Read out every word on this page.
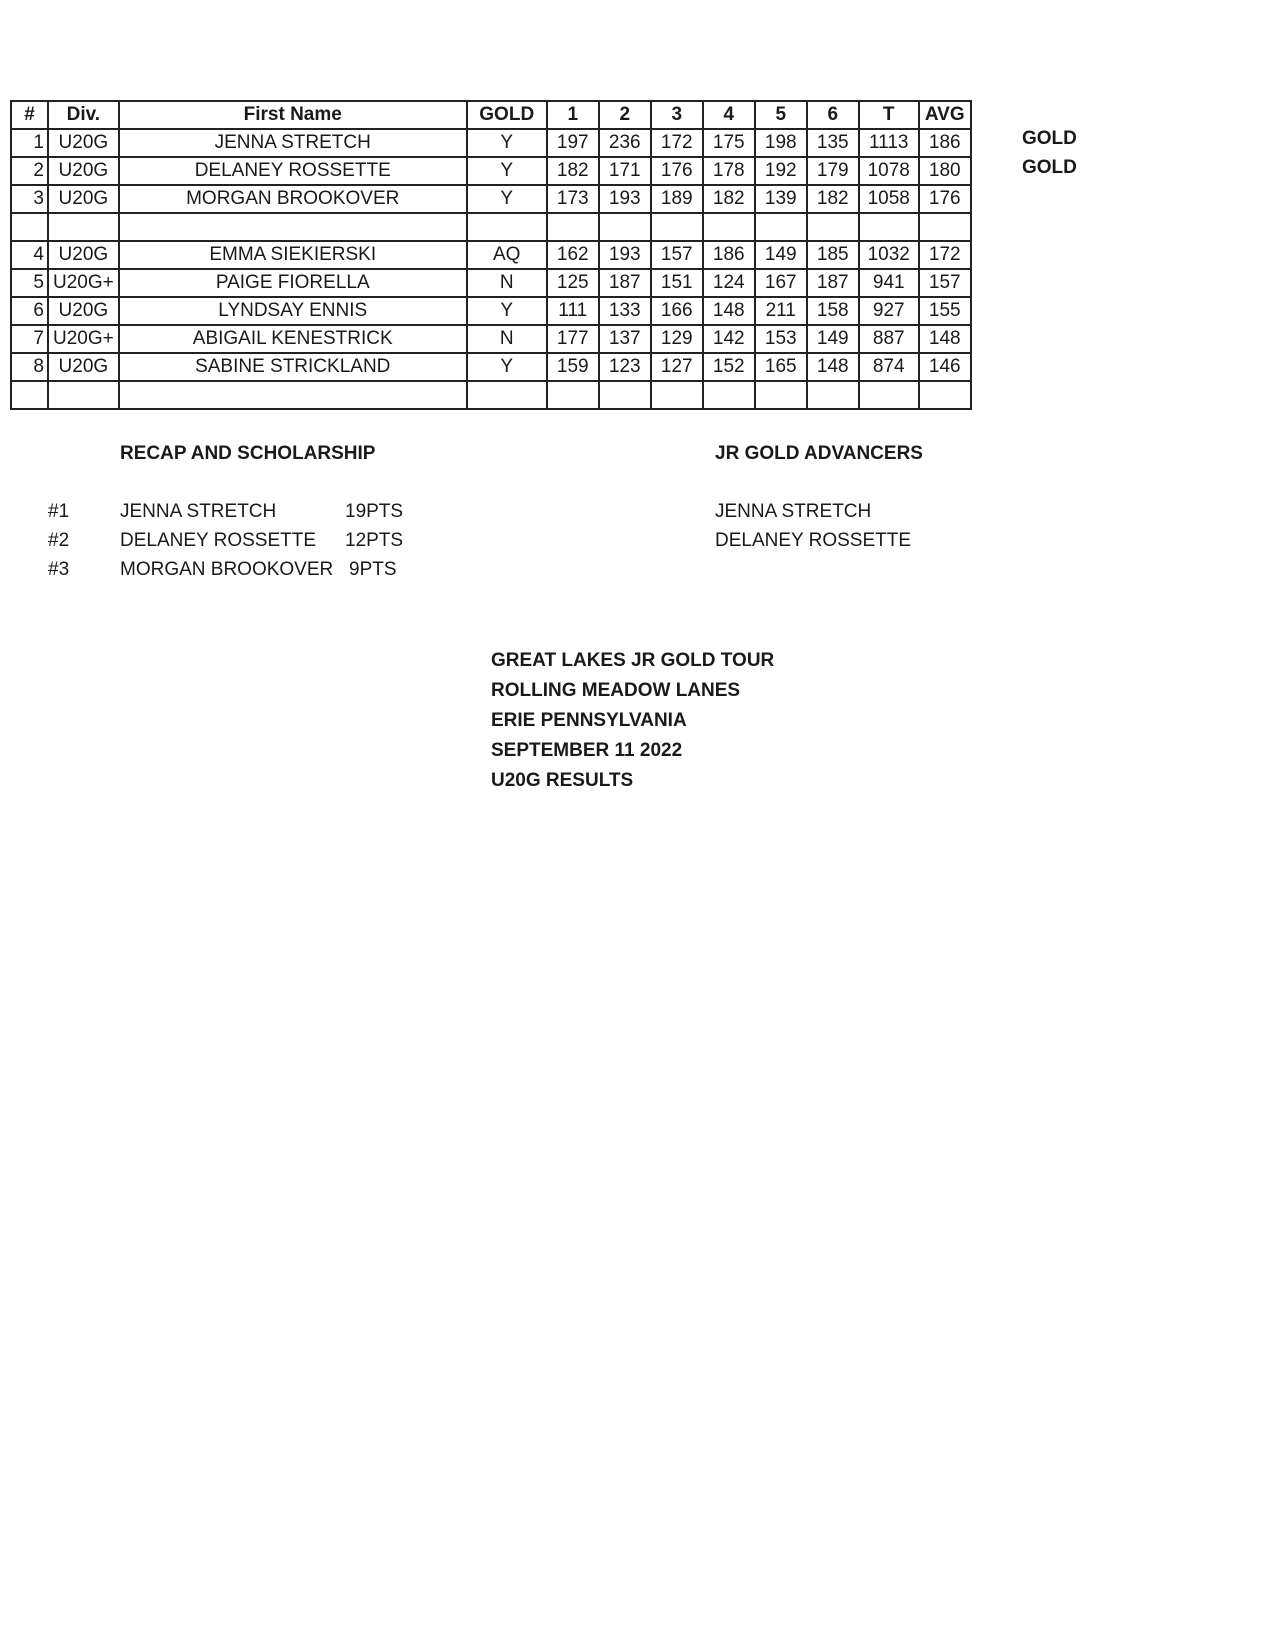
#	Div.	First Name	GOLD	1	2	3	4	5	6	T	AVG
1	U20G	JENNA STRETCH	Y	197	236	172	175	198	135	1113	186
2	U20G	DELANEY ROSSETTE	Y	182	171	176	178	192	179	1078	180
3	U20G	MORGAN BROOKOVER	Y	173	193	189	182	139	182	1058	176

4	U20G	EMMA SIEKIERSKI	AQ	162	193	157	186	149	185	1032	172
5	U20G+	PAIGE FIORELLA	N	125	187	151	124	167	187	941	157
6	U20G	LYNDSAY ENNIS	Y	111	133	166	148	211	158	927	155
7	U20G+	ABIGAIL KENESTRICK	N	177	137	129	142	153	149	887	148
8	U20G	SABINE STRICKLAND	Y	159	123	127	152	165	148	874	146

GOLD
GOLD
RECAP AND SCHOLARSHIP	JR GOLD ADVANCERS
#1	JENNA STRETCH	19PTS
#2	DELANEY ROSSETTE 12PTS
#3	MORGAN BROOKOVER 9PTS
JENNA STRETCH
DELANEY ROSSETTE
GREAT LAKES JR GOLD TOUR
ROLLING MEADOW LANES
ERIE PENNSYLVANIA
SEPTEMBER 11 2022
U20G RESULTS
